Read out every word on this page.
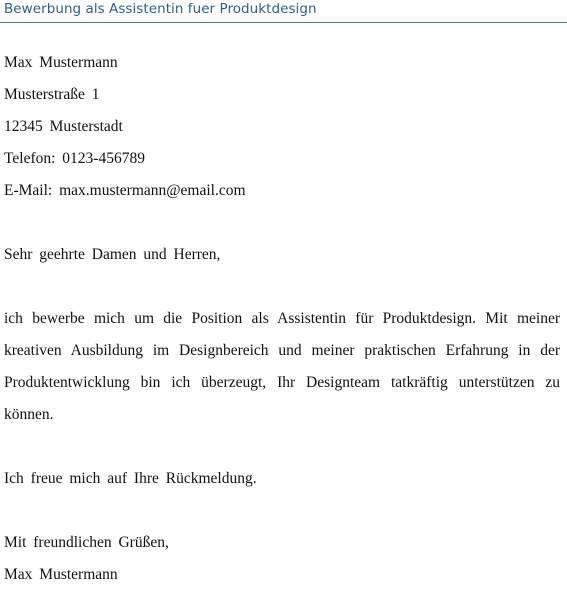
Bewerbung als Assistentin fuer Produktdesign
Max Mustermann
Musterstraße 1
12345 Musterstadt
Telefon: 0123-456789
E-Mail: max.mustermann@email.com
Sehr geehrte Damen und Herren,
ich bewerbe mich um die Position als Assistentin für Produktdesign. Mit meiner kreativen Ausbildung im Designbereich und meiner praktischen Erfahrung in der Produktentwicklung bin ich überzeugt, Ihr Designteam tatkräftig unterstützen zu können.
Ich freue mich auf Ihre Rückmeldung.
Mit freundlichen Grüßen,
Max Mustermann
